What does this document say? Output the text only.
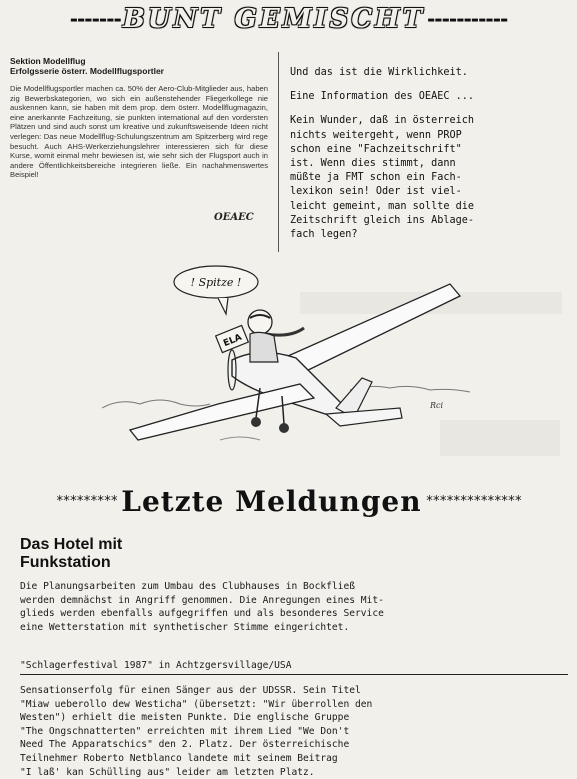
------- BUNT GEMISCHT -----------

Sektion Modellflug

Erfolgsserie österr. Modellflugsportler

Die Modellflugsportler machen ca. 50% der Aero-Club-Mitglieder aus, haben zig Bewerbskategorien, wo sich ein außenstehender Fliegerkollege nie auskennen kann, sie haben mit dem prop. dem österr. Modellflugmagazin, eine anerkannte Fachzeitung, sie punkten international auf den vordersten Plätzen und sind auch sonst um kreative und zukunftsweisende Ideen nicht verlegen: Das neue Modellflug-Schulungszentrum am Spitzerberg wird rege besucht. Auch AHS-Werkerziehungslehrer interessieren sich für diese Kurse, womit einmal mehr bewiesen ist, wie sehr sich der Flugsport auch in andere Öffentlichkeitsbereiche integrieren ließe. Ein nachahmenswertes Beispiel!

OEAEC

Und das ist die Wirklichkeit.

Eine Information des OEAEC ...

Kein Wunder, daß in österreich
nichts weitergeht, wenn PROP
schon eine "Fachzeitschrift"
ist. Wenn dies stimmt, dann
müßte ja FMT schon ein Fach-
lexikon sein! Oder ist viel-
leicht gemeint, man sollte die
Zeitschrift gleich ins Ablage-
fach legen?

! Spitze !
ELA
Rci
********* Letzte Meldungen **************
Das Hotel mit
Funkstation

Die Planungsarbeiten zum Umbau des Clubhauses in Bockfließ
werden demnächst in Angriff genommen. Die Anregungen eines Mit-
glieds werden ebenfalls aufgegriffen und als besonderes Service
eine Wetterstation mit synthetischer Stimme eingerichtet.

"Schlagerfestival 1987" in Achtzgersvillage/USA

Sensationserfolg für einen Sänger aus der UDSSR. Sein Titel
"Miaw ueberollo dew Westicha" (übersetzt: "Wir überrollen den
Westen") erhielt die meisten Punkte. Die englische Gruppe
"The Ongschnatterten" erreichten mit ihrem Lied "We Don't
Need The Apparatschics" den 2. Platz. Der österreichische
Teilnehmer Roberto Netblanco landete mit seinem Beitrag
"I laß' kan Schülling aus" leider am letzten Platz.
